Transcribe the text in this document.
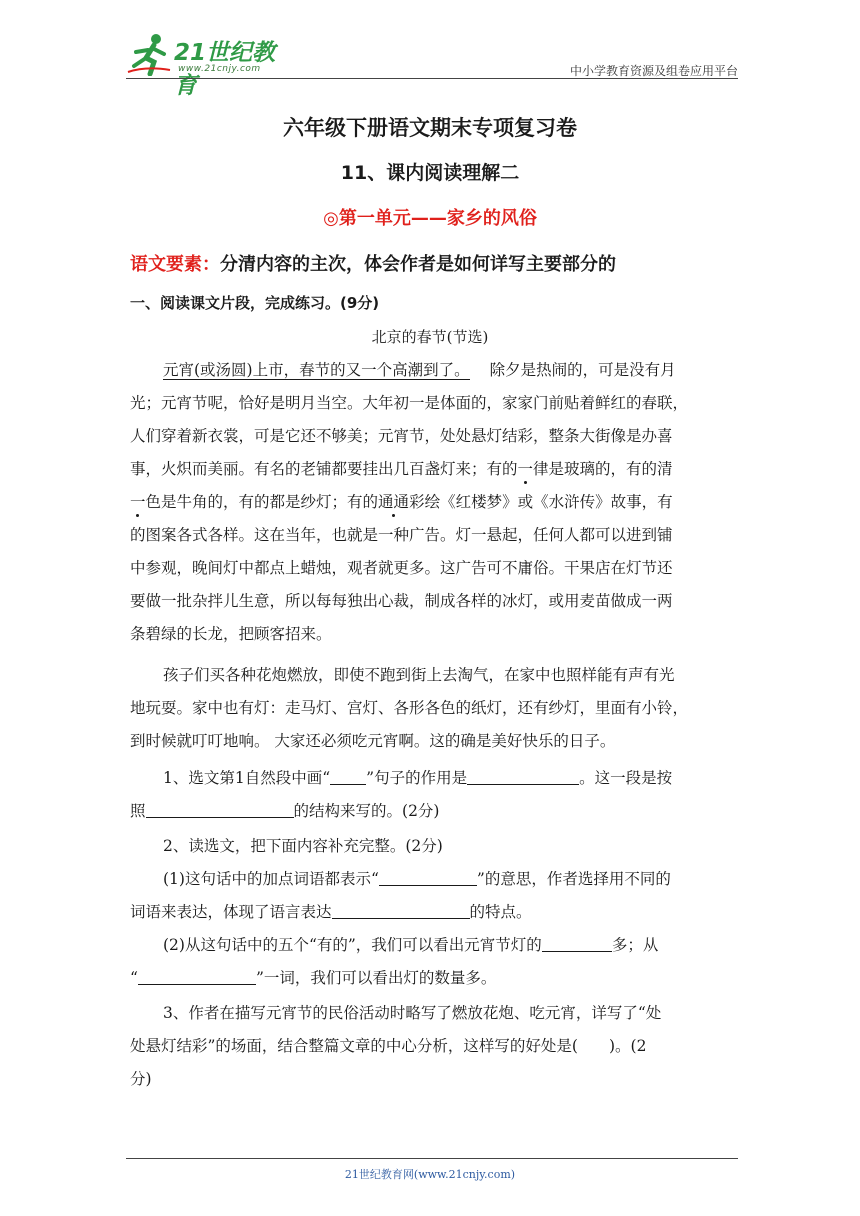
21世纪教育
www.21cnjy.com	中小学教育资源及组卷应用平台
六年级下册语文期末专项复习卷
11、课内阅读理解二
◎第一单元——家乡的风俗
语文要素：分清内容的主次，体会作者是如何详写主要部分的
一、阅读课文片段，完成练习。(9分)
北京的春节(节选)
元宵(或汤圆)上市，春节的又一个高潮到了。 除夕是热闹的，可是没有月
光；元宵节呢，恰好是明月当空。大年初一是体面的，家家门前贴着鲜红的春联，
人们穿着新衣裳，可是它还不够美；元宵节，处处悬灯结彩，整条大街像是办喜
事，火炽而美丽。有名的老铺都要挂出几百盏灯来；有的一律是玻璃的，有的清
一色是牛角的，有的都是纱灯；有的通通彩绘《红楼梦》或《水浒传》故事，有
的图案各式各样。这在当年，也就是一种广告。灯一悬起，任何人都可以进到铺
中参观，晚间灯中都点上蜡烛，观者就更多。这广告可不庸俗。干果店在灯节还
要做一批杂拌儿生意，所以每每独出心裁，制成各样的冰灯，或用麦苗做成一两
条碧绿的长龙，把顾客招来。
孩子们买各种花炮燃放，即使不跑到街上去淘气，在家中也照样能有声有光
地玩耍。家中也有灯：走马灯、宫灯、各形各色的纸灯，还有纱灯，里面有小铃，
到时候就叮叮地响。 大家还必须吃元宵啊。这的确是美好快乐的日子。
1、选文第1自然段中画“ ”句子的作用是	。这一段是按
照	的结构来写的。(2分)
2、读选文，把下面内容补充完整。(2分)
(1)这句话中的加点词语都表示“	”的意思，作者选择用不同的
词语来表达，体现了语言表达	的特点。
(2)从这句话中的五个“有的”，我们可以看出元宵节灯的	多；从
“	”一词，我们可以看出灯的数量多。
3、作者在描写元宵节的民俗活动时略写了燃放花炮、吃元宵，详写了“处
处悬灯结彩”的场面，结合整篇文章的中心分析，这样写的好处是(　　)。(2
分)
21世纪教育网(www.21cnjy.com)
